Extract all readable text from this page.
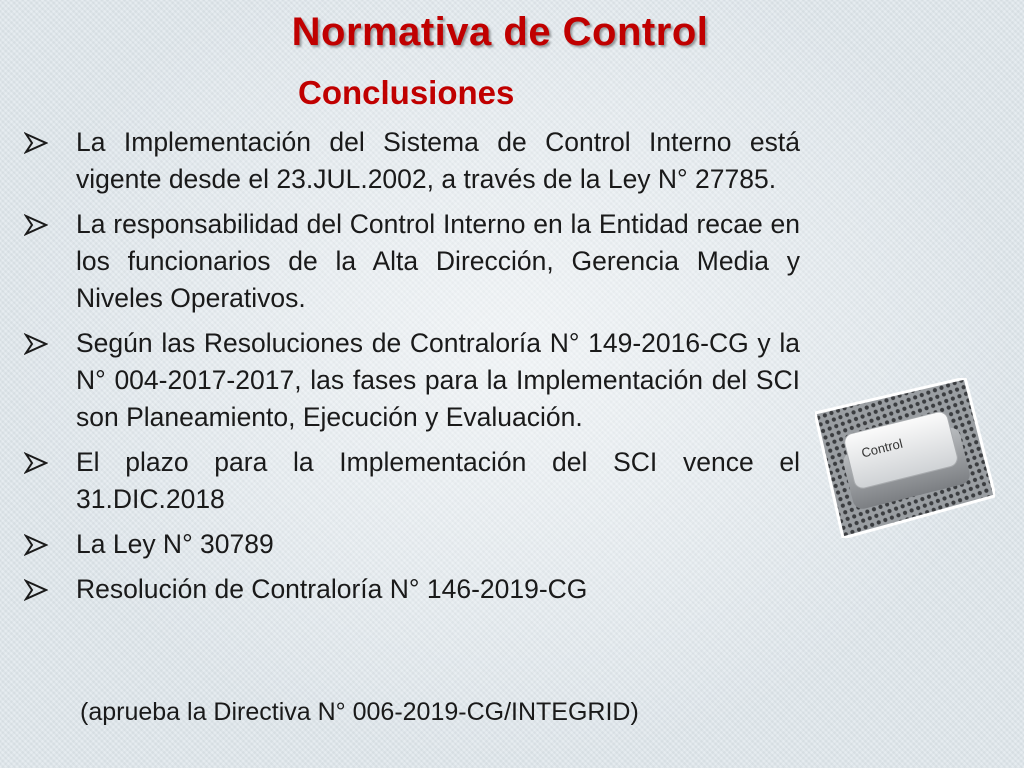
Normativa de Control
Conclusiones
La Implementación del Sistema de Control Interno está vigente desde el 23.JUL.2002, a través de la Ley N° 27785.
La responsabilidad del Control Interno en la Entidad recae en los funcionarios de la Alta Dirección, Gerencia Media y Niveles Operativos.
Según las Resoluciones de Contraloría N° 149-2016-CG y la N° 004-2017-2017, las fases para la Implementación del SCI son Planeamiento, Ejecución y Evaluación.
El plazo para la Implementación del SCI vence el 31.DIC.2018
La Ley N° 30789
Resolución de Contraloría N° 146-2019-CG

(aprueba la Directiva N° 006-2019-CG/INTEGRID)

Control
